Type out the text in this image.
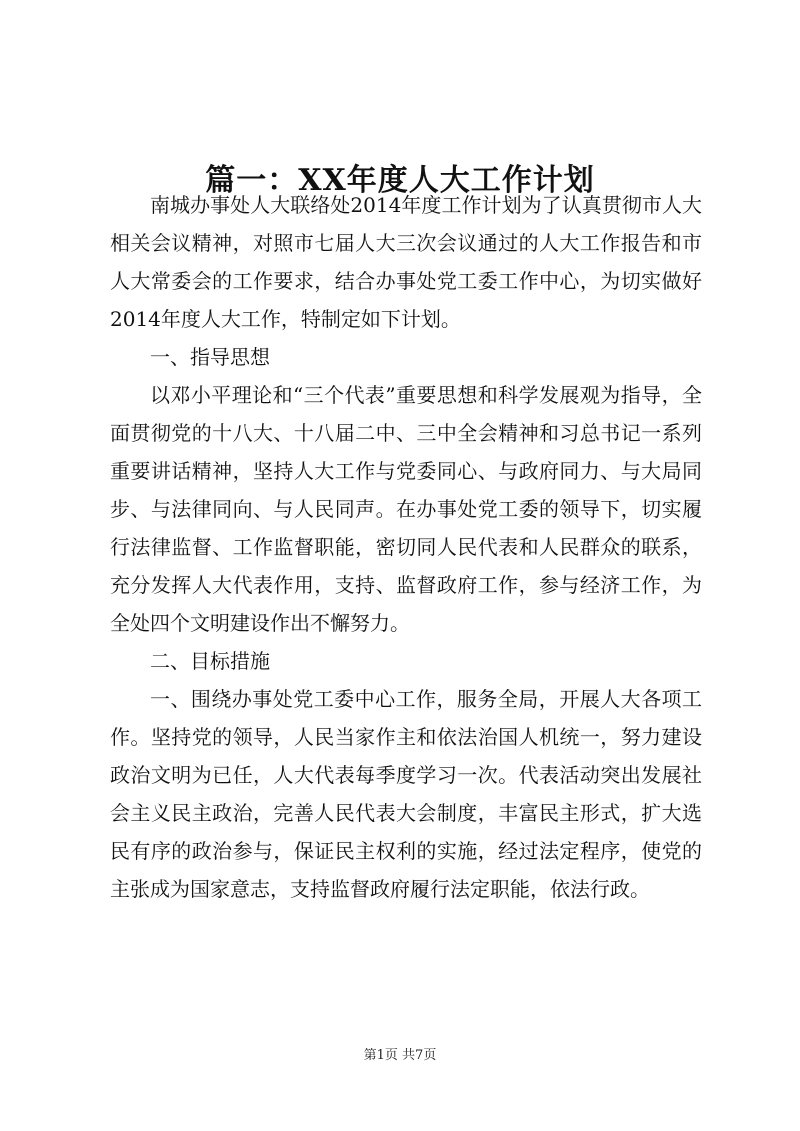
篇一：XX年度人大工作计划

南城办事处人大联络处2014年度工作计划为了认真贯彻市人大相关会议精神，对照市七届人大三次会议通过的人大工作报告和市人大常委会的工作要求，结合办事处党工委工作中心，为切实做好2014年度人大工作，特制定如下计划。

一、指导思想

以邓小平理论和“三个代表”重要思想和科学发展观为指导，全面贯彻党的十八大、十八届二中、三中全会精神和习总书记一系列重要讲话精神，坚持人大工作与党委同心、与政府同力、与大局同步、与法律同向、与人民同声。在办事处党工委的领导下，切实履行法律监督、工作监督职能，密切同人民代表和人民群众的联系，充分发挥人大代表作用，支持、监督政府工作，参与经济工作，为全处四个文明建设作出不懈努力。

二、目标措施

一、围绕办事处党工委中心工作，服务全局，开展人大各项工作。坚持党的领导，人民当家作主和依法治国人机统一，努力建设政治文明为已任，人大代表每季度学习一次。代表活动突出发展社会主义民主政治，完善人民代表大会制度，丰富民主形式，扩大选民有序的政治参与，保证民主权利的实施，经过法定程序，使党的主张成为国家意志，支持监督政府履行法定职能，依法行政。

第1页 共7页
